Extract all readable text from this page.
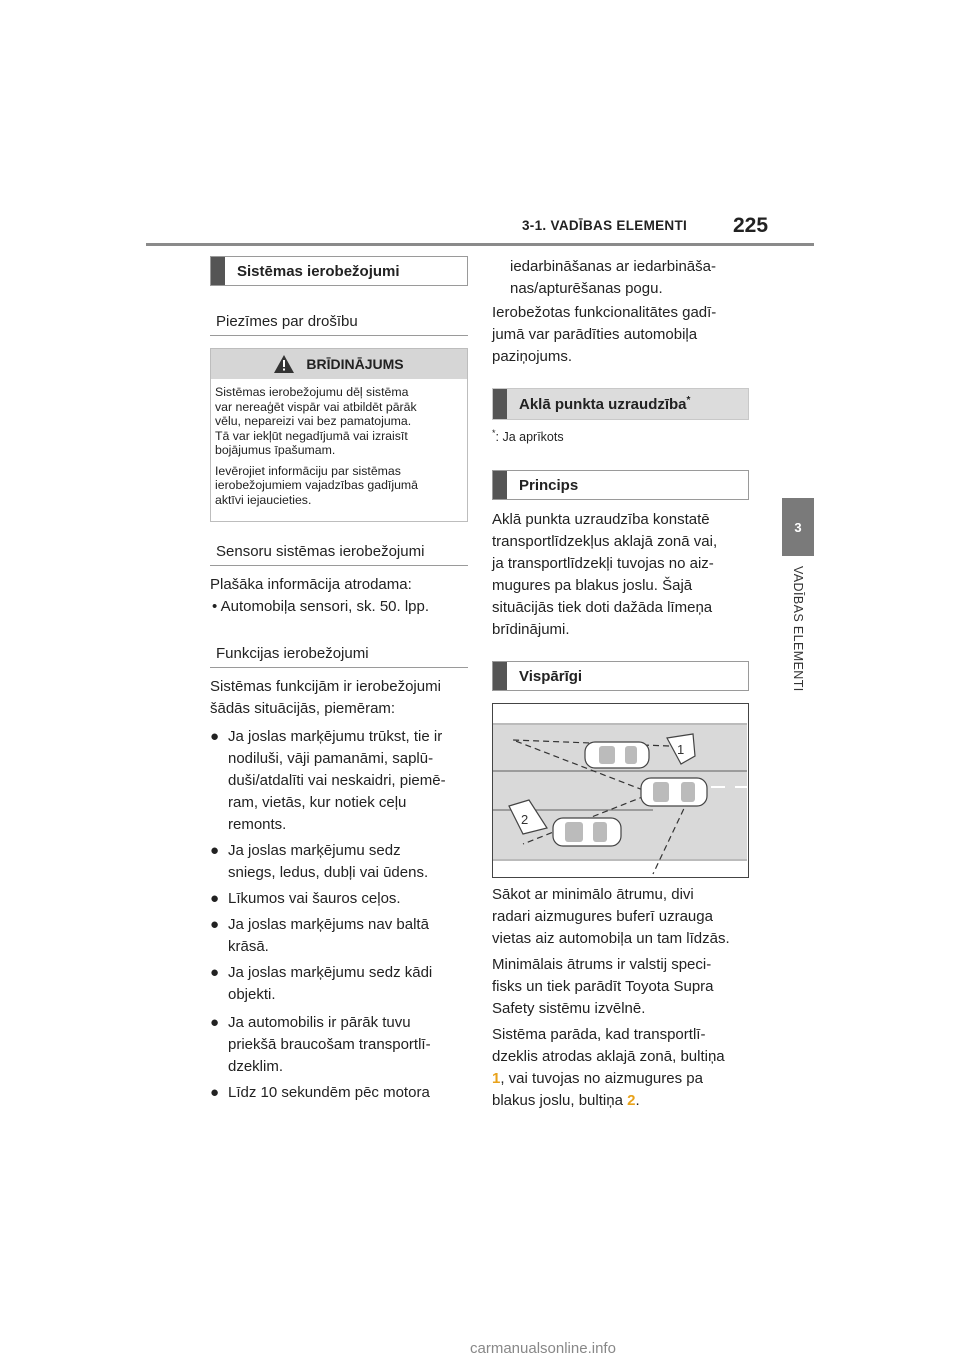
3-1. VADĪBAS ELEMENTI 225
3
VADĪBAS ELEMENTI
Sistēmas ierobežojumi
Piezīmes par drošību
BRĪDINĀJUMS

Sistēmas ierobežojumu dēļ sistēma
var nereaģēt vispār vai atbildēt pārāk
vēlu, nepareizi vai bez pamatojuma.
Tā var iekļūt negadījumā vai izraisīt
bojājumus īpašumam.

Ievērojiet informāciju par sistēmas
ierobežojumiem vajadzības gadījumā
aktīvi iejaucieties.

Sensoru sistēmas ierobežojumi

Plašāka informācija atrodama:

• Automobiļa sensori, sk. 50. lpp.

Funkcijas ierobežojumi

Sistēmas funkcijām ir ierobežojumi

šādās situācijās, piemēram:

● Ja joslas marķējumu trūkst, tie ir
nodiluši, vāji pamanāmi, saplū-
duši/atdalīti vai neskaidri, piemē-
ram, vietās, kur notiek ceļu
remonts.
● Ja joslas marķējumu sedz
sniegs, ledus, dubļi vai ūdens.
● Līkumos vai šauros ceļos.
● Ja joslas marķējums nav baltā
krāsā.
● Ja joslas marķējumu sedz kādi
objekti.
● Ja automobilis ir pārāk tuvu
priekšā braucošam transportlī-
dzeklim.
● Līdz 10 sekundēm pēc motora

iedarbināšanas ar iedarbināša-

nas/apturēšanas pogu.

Ierobežotas funkcionalitātes gadī-

jumā var parādīties automobiļa

paziņojums.

Aklā punkta uzraudzība*
*: Ja aprīkots
Princips

Aklā punkta uzraudzība konstatē

transportlīdzekļus aklajā zonā vai,

ja transportlīdzekļi tuvojas no aiz-

mugures pa blakus joslu. Šajā

situācijās tiek doti dažāda līmeņa

brīdinājumi.

Vispārīgi
1
2

Sākot ar minimālo ātrumu, divi

radari aizmugures buferī uzrauga

vietas aiz automobiļa un tam līdzās.

Minimālais ātrums ir valstij speci-

fisks un tiek parādīt Toyota Supra

Safety sistēmu izvēlnē.

Sistēma parāda, kad transportlī-

dzeklis atrodas aklajā zonā, bultiņa

1, vai tuvojas no aizmugures pa

blakus joslu, bultiņa 2.

carmanualsonline.info
